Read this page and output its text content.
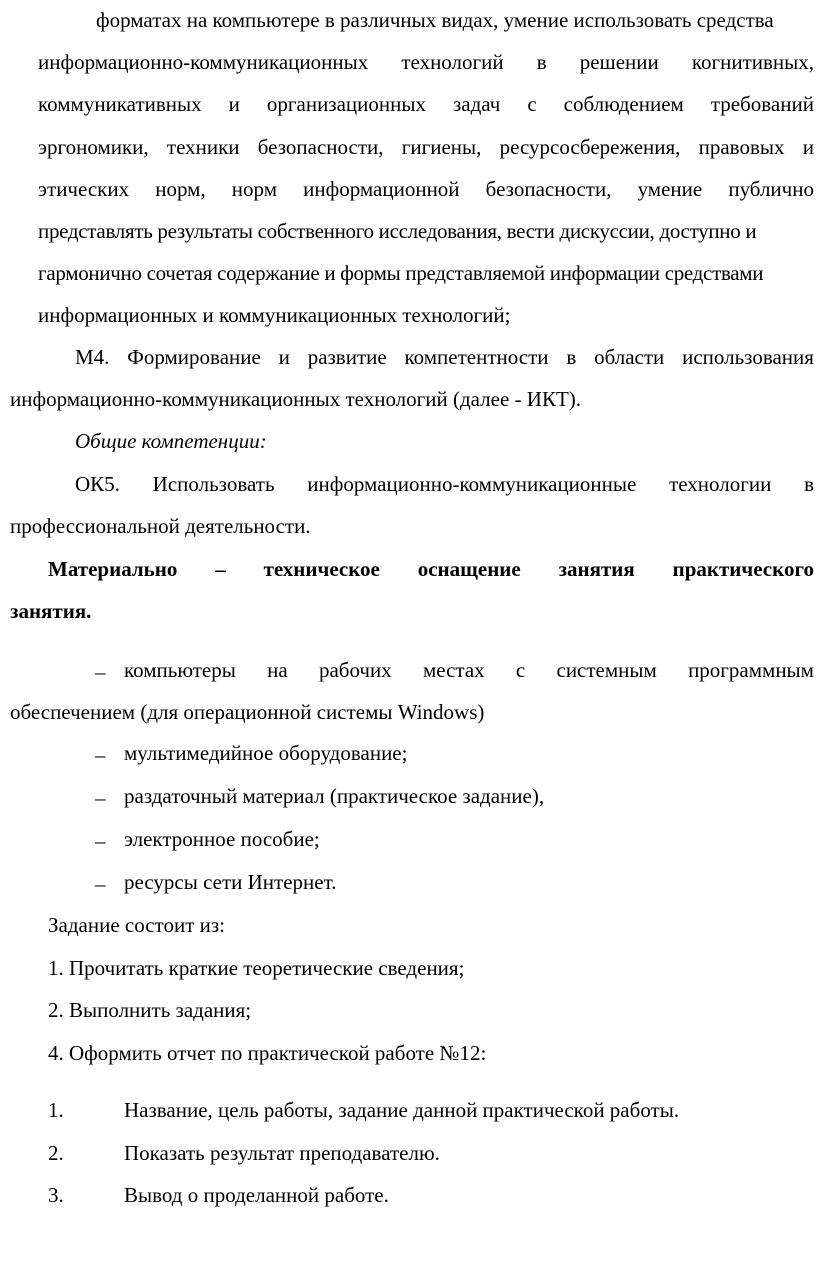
форматах на компьютере в различных видах, умение использовать средства
информационно-коммуникационных технологий в решении когнитивных,
коммуникативных и организационных задач с соблюдением требований
эргономики, техники безопасности, гигиены, ресурсосбережения, правовых и
этических норм, норм информационной безопасности, умение публично
представлять результаты собственного исследования, вести дискуссии, доступно и
гармонично сочетая содержание и формы представляемой информации средствами
информационных и коммуникационных технологий;
М4. Формирование и развитие компетентности в области использования
информационно-коммуникационных технологий (далее - ИКТ).
Общие компетенции:
ОК5. Использовать информационно-коммуникационные технологии в
профессиональной деятельности.
Материально – техническое оснащение занятия практического
занятия.
– компьютеры на рабочих местах с системным программным
обеспечением (для операционной системы Windows)
– мультимедийное оборудование;
– раздаточный материал (практическое задание),
– электронное пособие;
– ресурсы сети Интернет.
Задание состоит из:
1. Прочитать краткие теоретические сведения;
2. Выполнить задания;
4. Оформить отчет по практической работе №12:
1.	Название, цель работы, задание данной практической работы.
2.	Показать результат преподавателю.
3.	Вывод о проделанной работе.
